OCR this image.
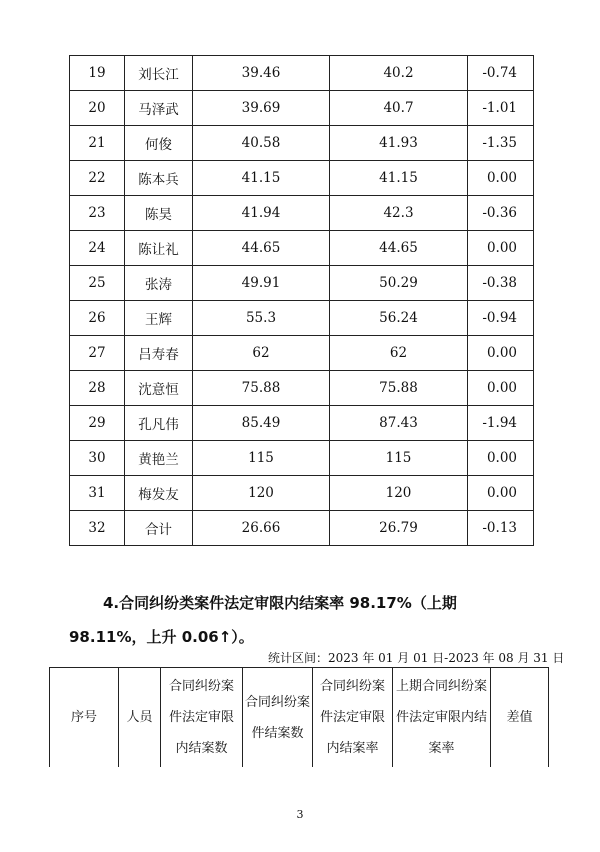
19	刘长江	39.46	40.2	-0.74
20	马泽武	39.69	40.7	-1.01
21	何俊	40.58	41.93	-1.35
22	陈本兵	41.15	41.15	0.00
23	陈昊	41.94	42.3	-0.36
24	陈让礼	44.65	44.65	0.00
25	张涛	49.91	50.29	-0.38
26	王辉	55.3	56.24	-0.94
27	吕寿春	62	62	0.00
28	沈意恒	75.88	75.88	0.00
29	孔凡伟	85.49	87.43	-1.94
30	黄艳兰	115	115	0.00
31	梅发友	120	120	0.00
32	合计	26.66	26.79	-0.13
4.合同纠纷类案件法定审限内结案率 98.17%（上期
98.11%，上升 0.06↑）。
统计区间：2023 年 01 月 01 日-2023 年 08 月 31 日
序号	人员	合同纠纷案件法定审限内结案数	合同纠纷案件结案数	合同纠纷案件法定审限内结案率	上期合同纠纷案件法定审限内结案率	差值
3
